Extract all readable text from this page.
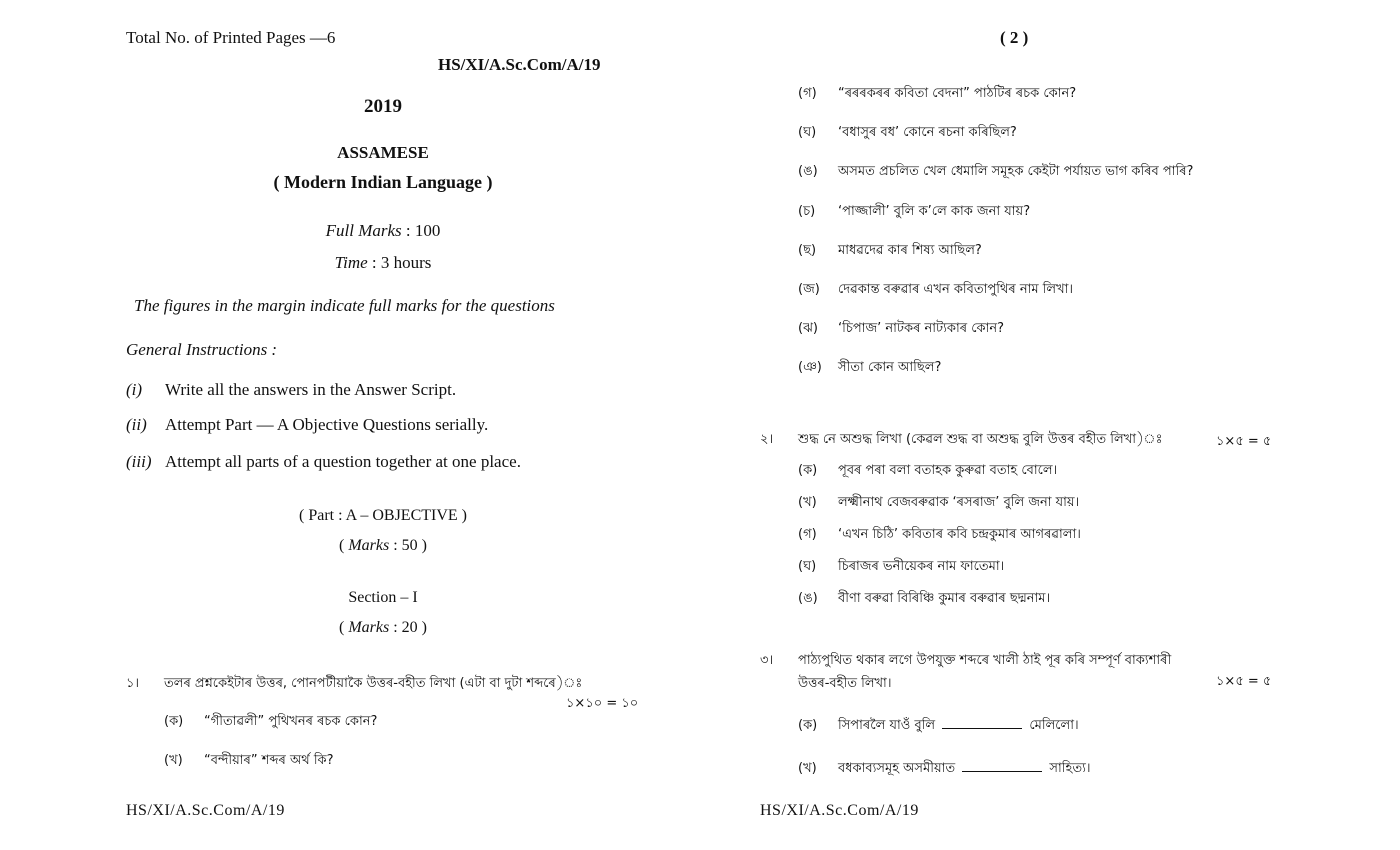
Total No. of Printed Pages —6
HS/XI/A.Sc.Com/A/19
2019
ASSAMESE
( Modern Indian Language )
Full Marks : 100
Time : 3 hours
The figures in the margin indicate full marks for the questions
General Instructions :
(i) Write all the answers in the Answer Script.
(ii) Attempt Part — A Objective Questions serially.
(iii) Attempt all parts of a question together at one place.
( Part : A – OBJECTIVE )
( Marks : 50 )
Section – I
( Marks : 20 )
১। তলৰ প্ৰশ্নকেইটাৰ উত্তৰ, পোনপটীয়াকৈ উত্তৰ-বহীত লিখা (এটা বা দুটা শব্দৰে)ঃ
১×১০ = ১০
(ক) “গীতাৱলী” পুথিখনৰ ৰচক কোন?
(খ) “বন্দীয়াৰ” শব্দৰ অৰ্থ কি?
HS/XI/A.Sc.Com/A/19
( 2 )
(গ) “ৰৰৰকৰৰ কবিতা বেদনা” পাঠটিৰ ৰচক কোন?
(ঘ) ‘বধাসুৰ বধ’ কোনে ৰচনা কৰিছিল?
(ঙ) অসমত প্ৰচলিত খেল ধেমালি সমূহক কেইটা পৰ্যায়ত ভাগ কৰিব পাৰি?
(চ) ‘পাজ্জালী’ বুলি ক’লে কাক জনা যায়?
(ছ) মাধৱদেৱ কাৰ শিষ্য আছিল?
(জ) দেৱকান্ত বৰুৱাৰ এখন কবিতাপুথিৰ নাম লিখা।
(ঝ) ‘চিপাজ’ নাটকৰ নাট্যকাৰ কোন?
(ঞ) সীতা কোন আছিল?
২। শুদ্ধ নে অশুদ্ধ লিখা (কেৱল শুদ্ধ বা অশুদ্ধ বুলি উত্তৰ বহীত লিখা)ঃ	১×৫ = ৫
(ক) পূবৰ পৰা বলা বতাহক কুৰুৱা বতাহ বোলে।
(খ) লক্ষ্মীনাথ বেজবৰুৱাক ‘ৰসৰাজ’ বুলি জনা যায়।
(গ) ‘এখন চিঠি’ কবিতাৰ কবি চন্দ্ৰকুমাৰ আগৰৱালা।
(ঘ) চিৰাজৰ ভনীয়েকৰ নাম ফাতেমা।
(ঙ) বীণা বৰুৱা বিৰিঞ্চি কুমাৰ বৰুৱাৰ ছদ্মনাম।
৩। পাঠ্যপুথিত থকাৰ লগে উপযুক্ত শব্দৰে খালী ঠাই পূৰ কৰি সম্পূৰ্ণ বাক্যশাৰী
উত্তৰ-বহীত লিখা।	১×৫ = ৫
(ক) সিপাৰলৈ যাওঁ বুলি	মেলিলো।
(খ) বধকাব্যসমূহ অসমীয়াত	সাহিত্য।
HS/XI/A.Sc.Com/A/19
